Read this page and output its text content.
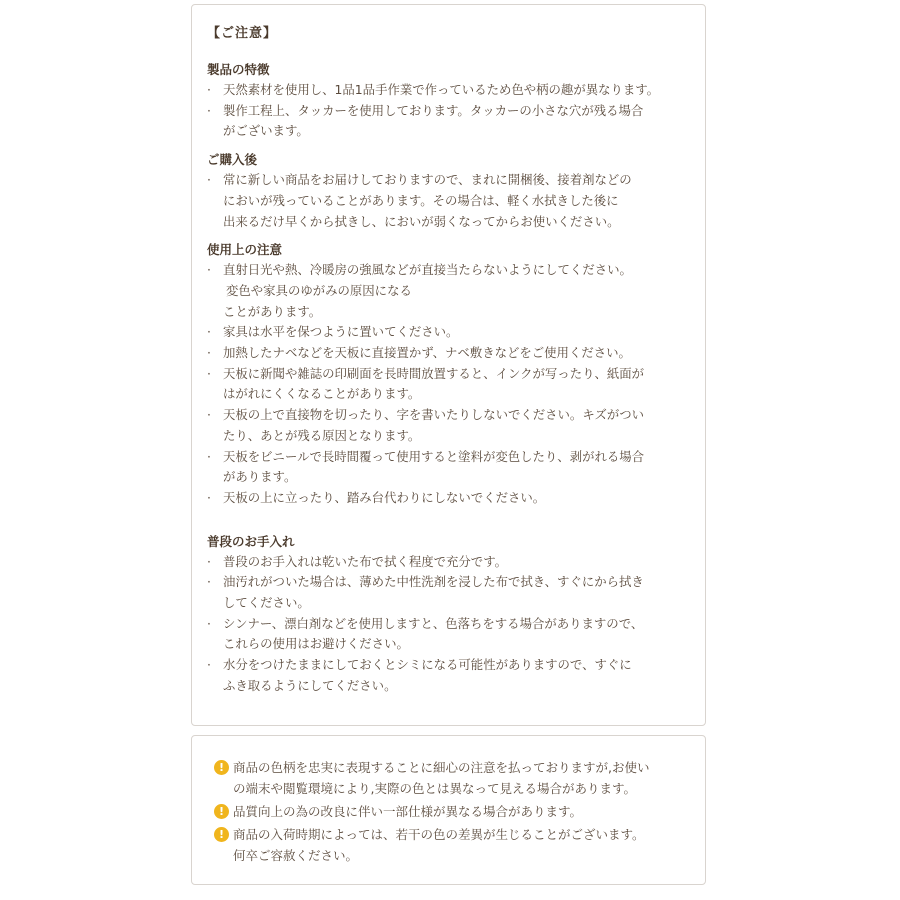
【ご注意】
製品の特徴
· 天然素材を使用し、1品1品手作業で作っているため色や柄の趣が異なります。
· 製作工程上、タッカーを使用しております。タッカーの小さな穴が残る場合
がございます。
ご購入後
· 常に新しい商品をお届けしておりますので、まれに開梱後、接着剤などの
においが残っていることがあります。その場合は、軽く水拭きした後に
出来るだけ早くから拭きし、においが弱くなってからお使いください。
使用上の注意
· 直射日光や熱、冷暖房の強風などが直接当たらないようにしてください。
変色や家具のゆがみの原因になる
ことがあります。
· 家具は水平を保つように置いてください。
· 加熱したナベなどを天板に直接置かず、ナベ敷きなどをご使用ください。
· 天板に新聞や雑誌の印刷面を長時間放置すると、インクが写ったり、紙面が
はがれにくくなることがあります。
· 天板の上で直接物を切ったり、字を書いたりしないでください。キズがつい
たり、あとが残る原因となります。
· 天板をビニールで長時間覆って使用すると塗料が変色したり、剥がれる場合
があります。
· 天板の上に立ったり、踏み台代わりにしないでください。
普段のお手入れ
· 普段のお手入れは乾いた布で拭く程度で充分です。
· 油汚れがついた場合は、薄めた中性洗剤を浸した布で拭き、すぐにから拭き
してください。
· シンナー、漂白剤などを使用しますと、色落ちをする場合がありますので、
これらの使用はお避けください。
· 水分をつけたままにしておくとシミになる可能性がありますので、すぐに
ふき取るようにしてください。
! 商品の色柄を忠実に表現することに細心の注意を払っておりますが,お使い
の端末や閲覧環境により,実際の色とは異なって見える場合があります。
! 品質向上の為の改良に伴い一部仕様が異なる場合があります。
! 商品の入荷時期によっては、若干の色の差異が生じることがございます。
何卒ご容赦ください。
